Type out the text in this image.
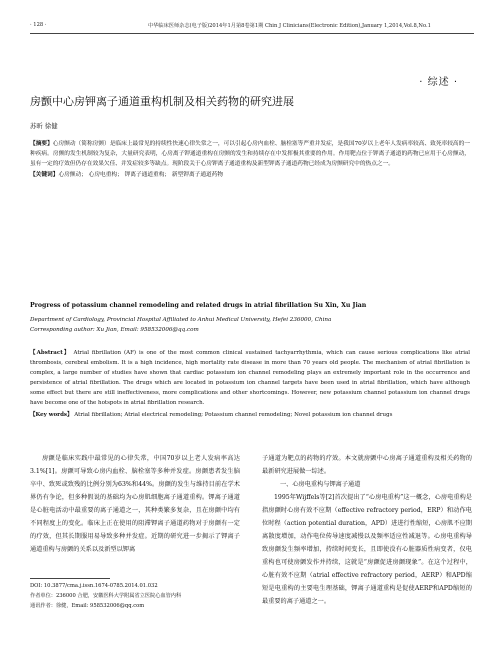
· 128 ·	中华临床医师杂志(电子版)2014年1月第8卷第1期 Chin J Clinicians(Electronic Edition),January 1,2014,Vol.8,No.1
· 综述 ·
房颤中心房钾离子通道重构机制及相关药物的研究进展
苏昕 徐健

【摘要】心房颤动（简称房颤）是临床上最常见的持续性快速心律失常之一，可以引起心房内血栓、脑栓塞等严重并发症，是我国70岁以上老年人发病率较高、致死率较高的一种疾病。房颤的发生机制较为复杂，大量研究表明，心房离子钾通道重构在房颤的发生和持续存在中发挥极其重要的作用。作用靶点位于钾离子通道的药物已应用于心房颤动，虽有一定的疗效但仍存在效果欠佳、并发症较多等缺点。现阶段关于心房钾离子通道重构及新型钾离子通道药物已经成为房颤研究中的热点之一。

【关键词】心房颤动； 心房电重构； 钾离子通道重构； 新型钾离子通道药物

Progress of potassium channel remodeling and related drugs in atrial fibrillation Su Xin, Xu Jian
Department of Cardiology, Provincial Hospital Affiliated to Anhui Medical University, Hefei 236000, China
Corresponding author: Xu Jian, Email: 958532006@qq.com

【Abstract】 Atrial fibrillation (AF) is one of the most common clinical sustained tachyarrhythmia, which can cause serious complications like atrial thrombosis, cerebral embolism. It is a high incidence, high mortality rate disease in more than 70 years old people. The mechanism of atrial fibrillation is complex, a large number of studies have shown that cardiac potassium ion channel remodeling plays an extremely important role in the occurrence and persistence of atrial fibrillation. The drugs which are located in potassium ion channel targets have been used in atrial fibrillation, which have although some effect but there are still ineffectiveness, more complications and other shortcomings. However, new potassium channel potassium ion channel drugs have become one of the hotspots in atrial fibrillation research.

【Key words】 Atrial fibrillation; Atrial electrical remodeling; Potassium channel remodeling; Novel potassium ion channel drugs

房颤是临床实践中最常见的心律失常，中国70岁以上老人发病率高达3.1%[1]。房颤可导致心房内血栓、脑栓塞等多种并发症。房颤患者发生脑卒中、致死或致残的比例分别为63%和44%。房颤的发生与维持目前在学术界仍有争论，但多种假说的基础均为心房肌细胞离子通道重构。钾离子通道是心脏电活动中最重要的离子通道之一，其种类繁多复杂，且在房颤中均有不同程度上的变化。临床上正在使用的阻滞钾离子通道药物对于房颤有一定的疗效，但其长期服用易导致多种并发症。近期的研究进一步揭示了钾离子通道重构与房颤的关系以及新型以钾离

子通道为靶点的药物的疗效。本文就房颤中心房离子通道重构及相关药物的最新研究进展做一综述。

一、心房电重构与钾离子通道

1995年Wijffels等[2]首次提出了“心房电重构”这一概念，心房电重构是指房颤时心房有效不应期（effective refractory period，ERP）和动作电位时程（action potential duration，APD）进进行性缩短，心房肌不应期离散度增加，动作电位传导速度减慢以及频率适应性减退等。心房电重构导致房颤发生频率增加，持续时间变长，且即使没有心脏器质性病变者，仅电重构也可使房颤发作并持续，这就是“房颤促进房颤现象”。在这个过程中，心脏有效不应期（atrial effective refractory period，AERP）和APD缩短是电重构的主要电生理基础，钾离子通道重构是促使AERP和APD缩短的最重要的离子通道之一。

DOI: 10.3877/cma.j.issn.1674-0785.2014.01.032
作者单位：236000 合肥，安徽医科大学附属省立医院心血管内科
通讯作者：徐健，Email: 958532006@qq.com
